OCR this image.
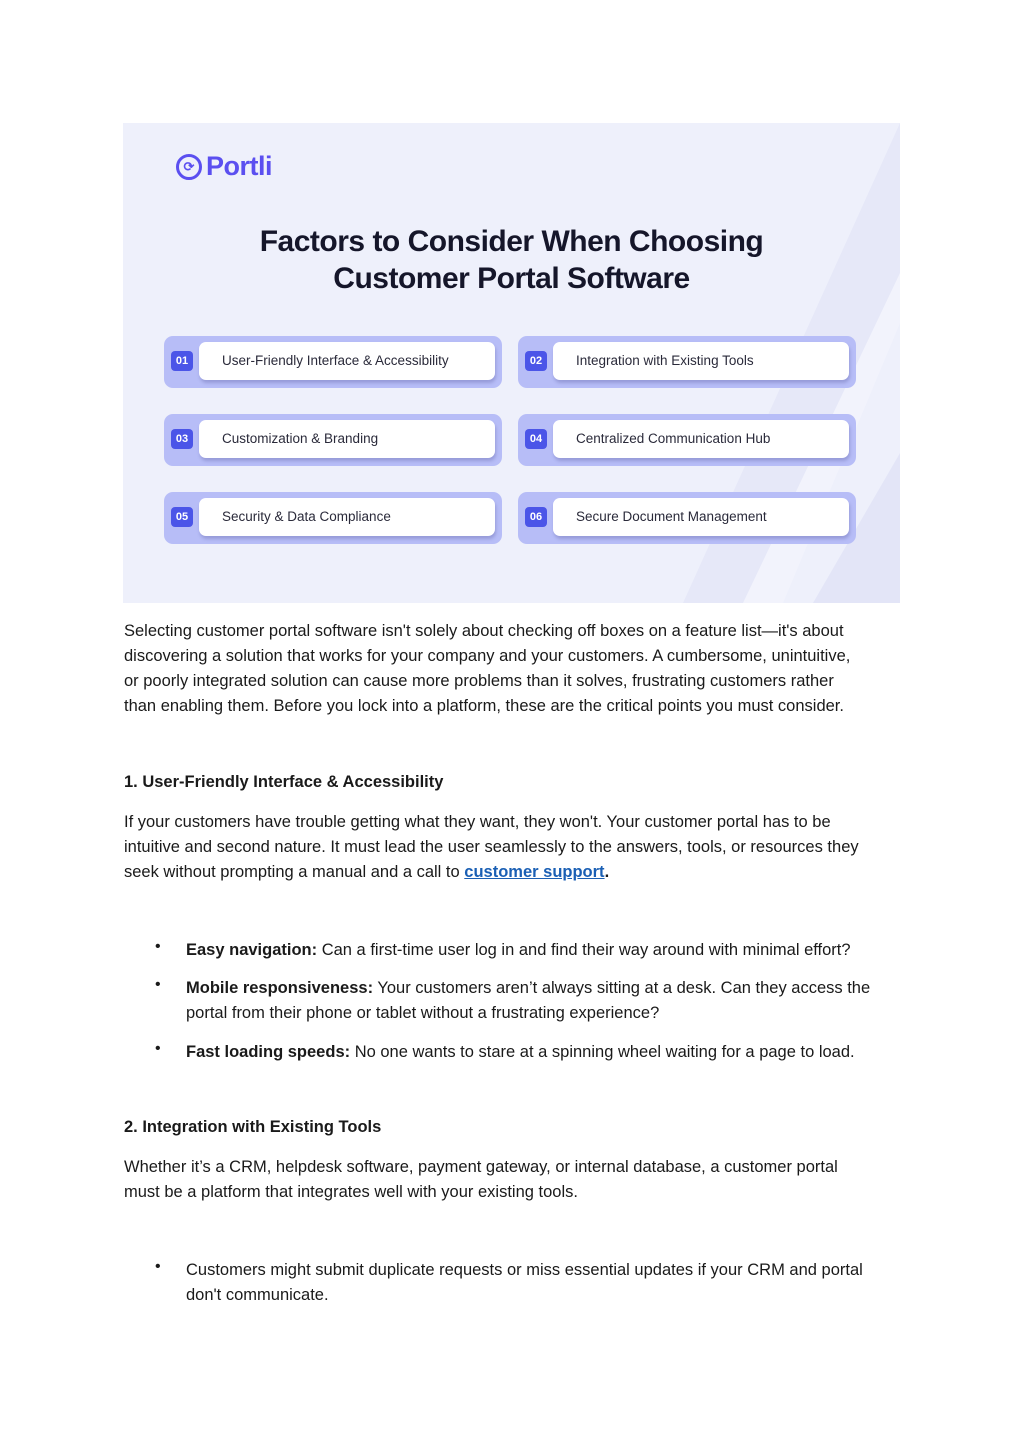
⟳ Portli
Factors to Consider When Choosing
Customer Portal Software
01	User-Friendly Interface & Accessibility	02	Integration with Existing Tools
03	Customization & Branding	04	Centralized Communication Hub
05	Security & Data Compliance	06	Secure Document Management
Selecting customer portal software isn't solely about checking off boxes on a feature list—it's about
discovering a solution that works for your company and your customers. A cumbersome, unintuitive,
or poorly integrated solution can cause more problems than it solves, frustrating customers rather
than enabling them. Before you lock into a platform, these are the critical points you must consider.
1. User-Friendly Interface & Accessibility
If your customers have trouble getting what they want, they won't. Your customer portal has to be
intuitive and second nature. It must lead the user seamlessly to the answers, tools, or resources they
seek without prompting a manual and a call to customer support.
• Easy navigation: Can a first-time user log in and find their way around with minimal effort?
• Mobile responsiveness: Your customers aren’t always sitting at a desk. Can they access the
portal from their phone or tablet without a frustrating experience?
• Fast loading speeds: No one wants to stare at a spinning wheel waiting for a page to load.
2. Integration with Existing Tools
Whether it’s a CRM, helpdesk software, payment gateway, or internal database, a customer portal
must be a platform that integrates well with your existing tools.
• Customers might submit duplicate requests or miss essential updates if your CRM and portal
don't communicate.
